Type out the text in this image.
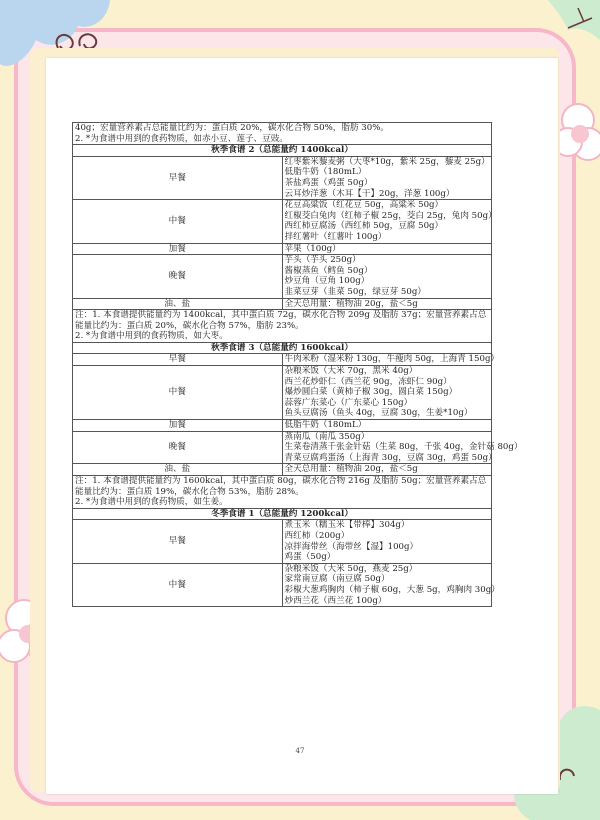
40g；宏量营养素占总能量比约为：蛋白质 20%，碳水化合物 50%，脂肪 30%。
2. *为食谱中用到的食药物质，如赤小豆、莲子、豆豉。	

秋季食谱 2（总能量约 1400kcal）	
早餐	红枣紫米藜麦粥（大枣*10g，紫米 25g，藜麦 25g）
低脂牛奶（180mL）
茶盐鸡蛋（鸡蛋 50g）
云耳炒洋葱（木耳【干】20g，洋葱 100g）

中餐	花豆高粱饭（红花豆 50g，高粱米 50g）
红椒茭白兔肉（红柿子椒 25g，茭白 25g，兔肉 50g）
西红柿豆腐汤（西红柿 50g，豆腐 50g）
拌红薯叶（红薯叶 100g）

加餐	苹果（100g）

晚餐	芋头（芋头 250g）
酱椒蒸鱼（鳕鱼 50g）
炒豆角（豆角 100g）
韭菜豆芽（韭菜 50g，绿豆芽 50g）

油、盐	全天总用量：植物油 20g，盐＜5g

注：1. 本食谱提供能量约为 1400kcal，其中蛋白质 72g，碳水化合物 209g 及脂肪 37g；宏量营养素占总能量比约为：蛋白质 20%，碳水化合物 57%，脂肪 23%。
2. *为食谱中用到的食药物质，如大枣。	

秋季食谱 3（总能量约 1600kcal）	
早餐	牛肉米粉（湿米粉 130g，牛瘦肉 50g，上海青 150g）

中餐	杂粮米饭（大米 70g，黑米 40g）
西兰花炒虾仁（西兰花 90g，冻虾仁 90g）
爆炒圆白菜（黄柿子椒 30g，圆白菜 150g）
蒜蓉广东菜心（广东菜心 150g）
鱼头豆腐汤（鱼头 40g，豆腐 30g，生姜*10g）

加餐	低脂牛奶（180mL）

晚餐	蒸南瓜（南瓜 350g）
生菜卷清蒸千张金针菇（生菜 80g，千张 40g，金针菇 80g）
青菜豆腐鸡蛋汤（上海青 30g，豆腐 30g，鸡蛋 50g）

油、盐	全天总用量：植物油 20g，盐＜5g

注：1. 本食谱提供能量约为 1600kcal，其中蛋白质 80g，碳水化合物 216g 及脂肪 50g；宏量营养素占总能量比约为：蛋白质 19%，碳水化合物 53%，脂肪 28%。
2. *为食谱中用到的食药物质，如生姜。	

冬季食谱 1（总能量约 1200kcal）	
早餐	煮玉米（糯玉米【带棒】304g）
西红柿（200g）
凉拌海带丝（海带丝【湿】100g）
鸡蛋（50g）

中餐	杂粮米饭（大米 50g，燕麦 25g）
家常南豆腐（南豆腐 50g）
彩椒大葱鸡胸肉（柿子椒 60g，大葱 5g，鸡胸肉 30g）
炒西兰花（西兰花 100g）
47
